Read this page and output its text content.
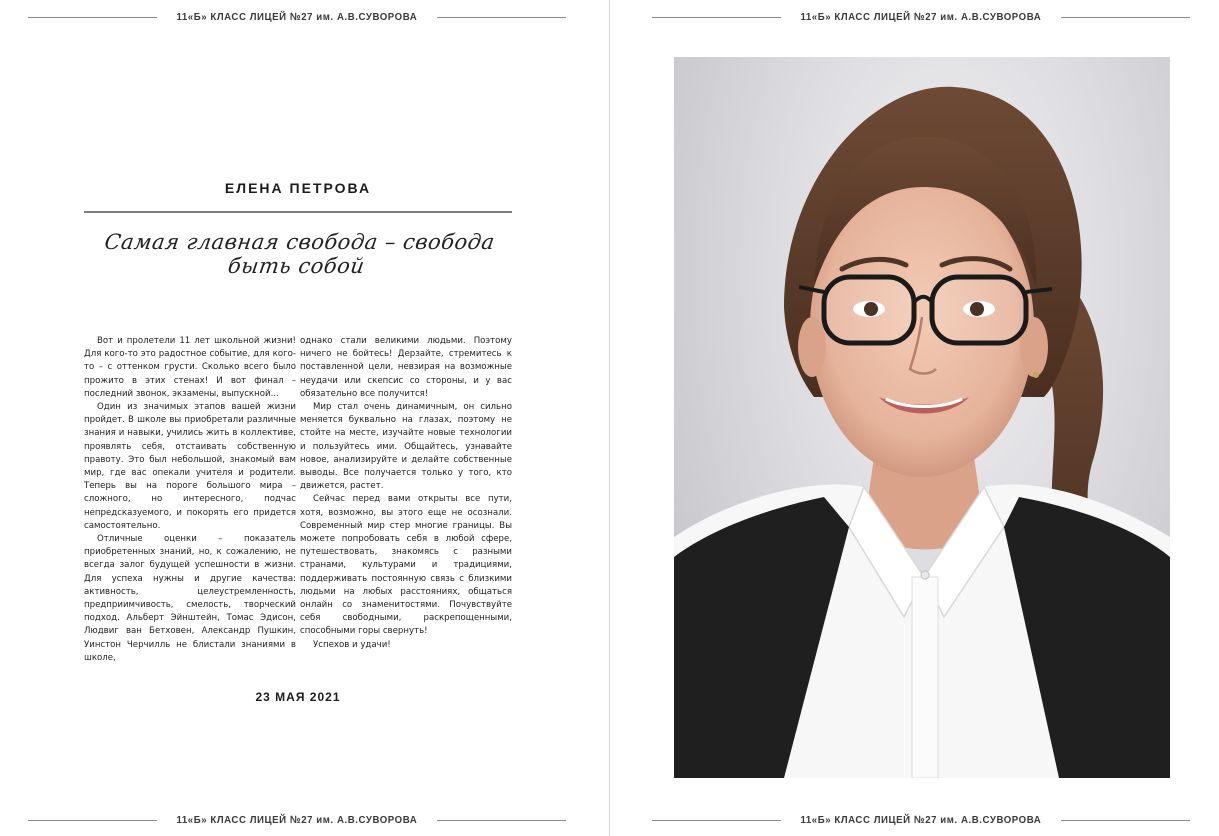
11«Б» КЛАСС ЛИЦЕЙ №27 им. А.В.СУВОРОВА
ЕЛЕНА ПЕТРОВА
Самая главная свобода – свобода быть собой

Вот и пролетели 11 лет школьной жизни! Для кого-то это радостное событие, для кого-то – с оттенком грусти. Сколько всего было прожито в этих стенах! И вот финал – последний звонок, экзамены, выпускной...

Один из значимых этапов вашей жизни пройдет. В школе вы приобретали различные знания и навыки, учились жить в коллективе, проявлять себя, отстаивать собственную правоту. Это был небольшой, знакомый вам мир, где вас опекали учителя и родители. Теперь вы на пороге большого мира – сложного, но интересного, подчас непредсказуемого, и покорять его придется самостоятельно.

Отличные оценки – показатель приобретенных знаний, но, к сожалению, не всегда залог будущей успешности в жизни. Для успеха нужны и другие качества: активность, целеустремленность, предприимчивость, смелость, творческий подход. Альберт Эйнштейн, Томас Эдисон, Людвиг ван Бетховен, Александр Пушкин, Уинстон Черчилль не блистали знаниями в школе,

однако стали великими людьми. Поэтому ничего не бойтесь! Дерзайте, стремитесь к поставленной цели, невзирая на возможные неудачи или скепсис со стороны, и у вас обязательно все получится!

Мир стал очень динамичным, он сильно меняется буквально на глазах, поэтому не стойте на месте, изучайте новые технологии и пользуйтесь ими. Общайтесь, узнавайте новое, анализируйте и делайте собственные выводы. Все получается только у того, кто движется, растет.

Сейчас перед вами открыты все пути, хотя, возможно, вы этого еще не осознали. Современный мир стер многие границы. Вы можете попробовать себя в любой сфере, путешествовать, знакомясь с разными странами, культурами и традициями, поддерживать постоянную связь с близкими людьми на любых расстояниях, общаться онлайн со знаменитостями. Почувствуйте себя свободными, раскрепощенными, способными горы свернуть!

Успехов и удачи!

23 МАЯ 2021
11«Б» КЛАСС ЛИЦЕЙ №27 им. А.В.СУВОРОВА
11«Б» КЛАСС ЛИЦЕЙ №27 им. А.В.СУВОРОВА
11«Б» КЛАСС ЛИЦЕЙ №27 им. А.В.СУВОРОВА
